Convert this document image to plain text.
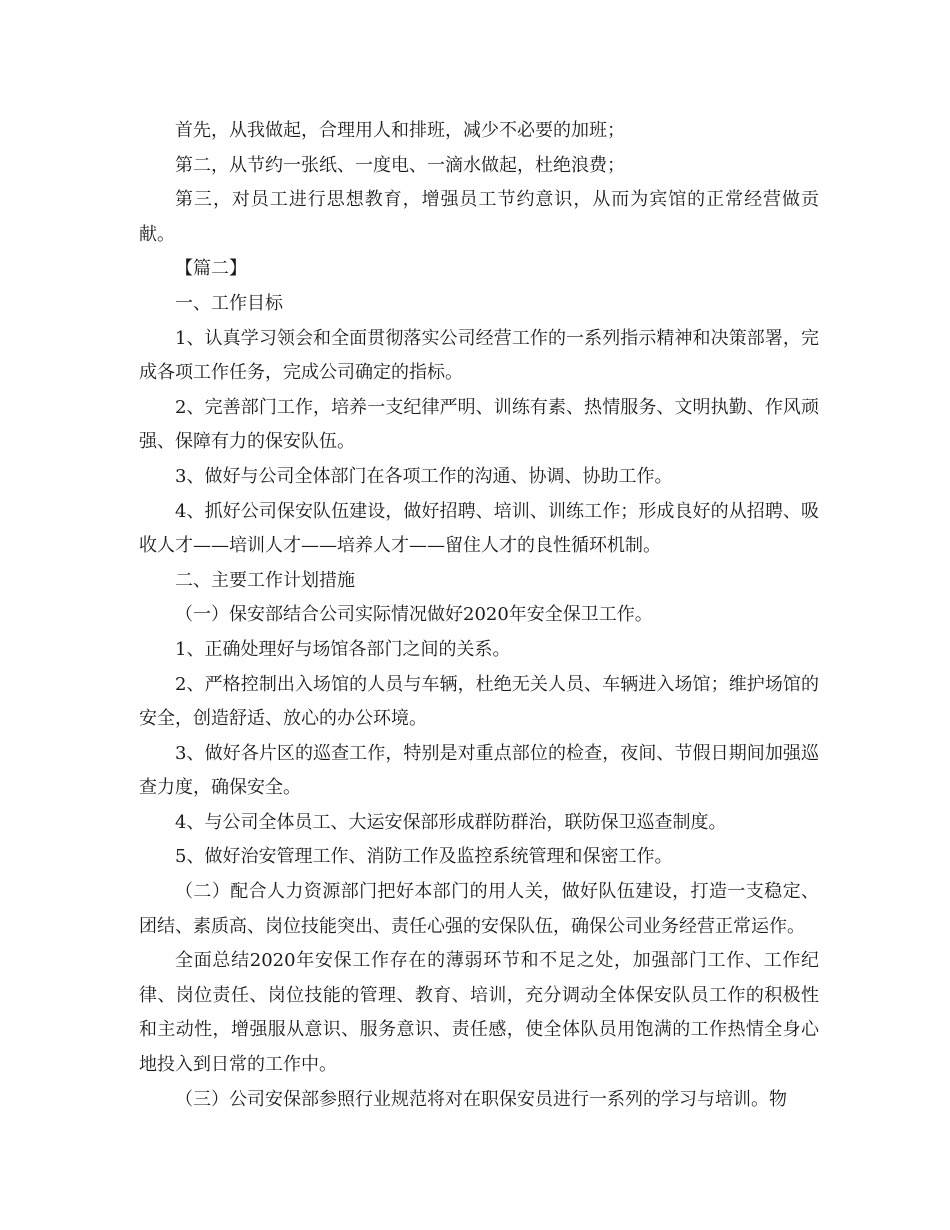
首先，从我做起，合理用人和排班，减少不必要的加班；

第二，从节约一张纸、一度电、一滴水做起，杜绝浪费；

第三，对员工进行思想教育，增强员工节约意识，从而为宾馆的正常经营做贡献。

【篇二】

一、工作目标

1、认真学习领会和全面贯彻落实公司经营工作的一系列指示精神和决策部署，完成各项工作任务，完成公司确定的指标。

2、完善部门工作，培养一支纪律严明、训练有素、热情服务、文明执勤、作风顽强、保障有力的保安队伍。

3、做好与公司全体部门在各项工作的沟通、协调、协助工作。

4、抓好公司保安队伍建设，做好招聘、培训、训练工作；形成良好的从招聘、吸收人才——培训人才——培养人才——留住人才的良性循环机制。

二、主要工作计划措施

（一）保安部结合公司实际情况做好2020年安全保卫工作。

1、正确处理好与场馆各部门之间的关系。

2、严格控制出入场馆的人员与车辆，杜绝无关人员、车辆进入场馆；维护场馆的安全，创造舒适、放心的办公环境。

3、做好各片区的巡查工作，特别是对重点部位的检查，夜间、节假日期间加强巡查力度，确保安全。

4、与公司全体员工、大运安保部形成群防群治，联防保卫巡查制度。

5、做好治安管理工作、消防工作及监控系统管理和保密工作。

（二）配合人力资源部门把好本部门的用人关，做好队伍建设，打造一支稳定、团结、素质高、岗位技能突出、责任心强的安保队伍，确保公司业务经营正常运作。

全面总结2020年安保工作存在的薄弱环节和不足之处，加强部门工作、工作纪律、岗位责任、岗位技能的管理、教育、培训，充分调动全体保安队员工作的积极性和主动性，增强服从意识、服务意识、责任感，使全体队员用饱满的工作热情全身心地投入到日常的工作中。

（三）公司安保部参照行业规范将对在职保安员进行一系列的学习与培训。物
